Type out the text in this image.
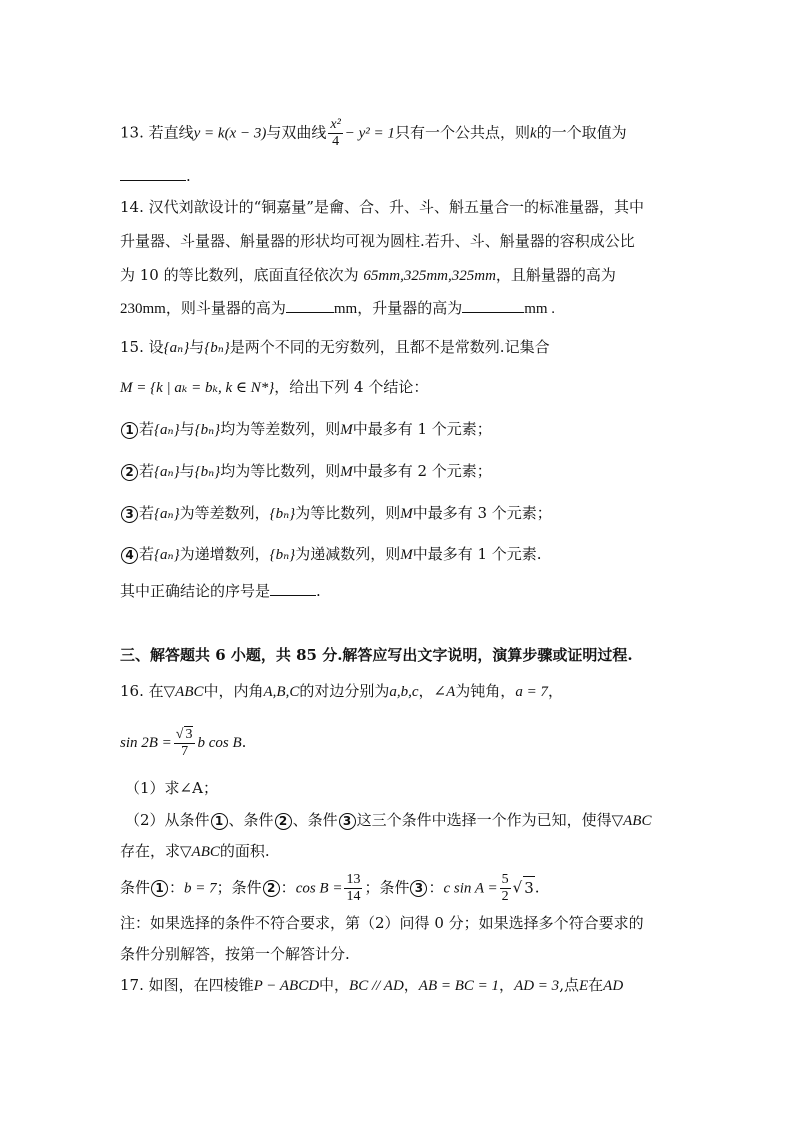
13. 若直线y = k(x − 3)与双曲线 $\frac{\text{x²}}{4} - y^2 = 1$只有一个公共点，则k的一个取值为
.
14. 汉代刘歆设计的“铜嘉量”是龠、合、升、斗、斛五量合一的标准量器，其中
升量器、斗量器、斛量器的形状均可视为圆柱.若升、斗、斛量器的容积成公比
为 10 的等比数列，底面直径依次为 65mm,325mm,325mm，且斛量器的高为
230mm，则斗量器的高为	mm，升量器的高为	mm .
15. 设{aₙ}与{bₙ}是两个不同的无穷数列，且都不是常数列.记集合
M = {k | aₖ = bₖ, k ∈ N*}，给出下列 4 个结论：
1 若{aₙ}与{bₙ}均为等差数列，则M中最多有 1 个元素；
2 若{aₙ}与{bₙ}均为等比数列，则M中最多有 2 个元素；
3 若{aₙ}为等差数列，{bₙ}为等比数列，则M中最多有 3 个元素；
4 若{aₙ}为递增数列，{bₙ}为递减数列，则M中最多有 1 个元素.
其中正确结论的序号是	.
三、解答题共 6 小题，共 85 分.解答应写出文字说明，演算步骤或证明过程.
16. 在▽ABC中，内角A,B,C的对边分别为a,b,c，∠A为钝角，a = 7，
$\sin 2B = \frac{√ 3}{7}$ b cos B.
（1）求∠A；
（2）从条件 1 、条件 2 、条件 3 这三个条件中选择一个作为已知，使得▽ABC
存在，求▽ABC的面积.
条件 1 ：b = 7；条件 2 ：$\cos B = \frac{13}{14}$ ；条件 3 ：c $\sin A = \frac{5}{2}$ √ 3.
注：如果选择的条件不符合要求，第（2）问得 0 分；如果选择多个符合要求的
条件分别解答，按第一个解答计分.
17. 如图，在四棱锥P − ABCD中，BC // AD，AB = BC = 1，AD = 3,点E在AD
